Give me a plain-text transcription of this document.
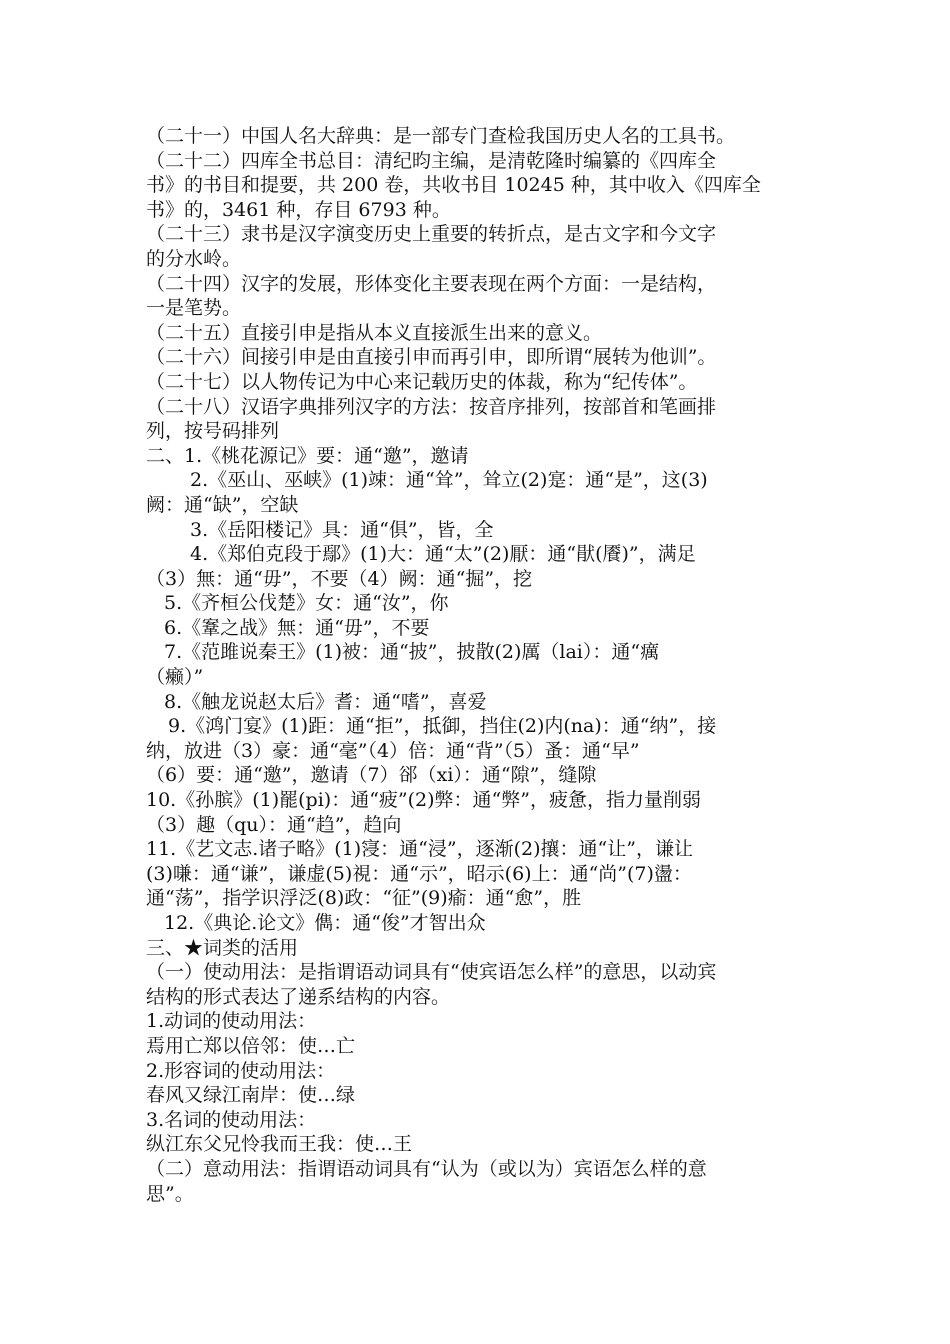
（二十一）中国人名大辞典：是一部专门查检我国历史人名的工具书。
（二十二）四库全书总目：清纪昀主编，是清乾隆时编纂的《四库全
书》的书目和提要，共 200 卷，共收书目 10245 种，其中收入《四库全
书》的，3461 种，存目 6793 种。
（二十三）隶书是汉字演变历史上重要的转折点，是古文字和今文字
的分水岭。
（二十四）汉字的发展，形体变化主要表现在两个方面：一是结构，
一是笔势。
（二十五）直接引申是指从本义直接派生出来的意义。
（二十六）间接引申是由直接引申而再引申，即所谓“展转为他训”。
（二十七）以人物传记为中心来记载历史的体裁，称为“纪传体”。
（二十八）汉语字典排列汉字的方法：按音序排列，按部首和笔画排
列，按号码排列
二、1.《桃花源记》要：通“邀”，邀请
2.《巫山、巫峡》(1)竦：通“耸”，耸立(2)寔：通“是”，这(3)
阙：通“缺”，空缺
3.《岳阳楼记》具：通“俱”，皆，全
4.《郑伯克段于鄢》(1)大：通“太”(2)厭：通“猒(餍)”，满足
（3）無：通“毋”，不要（4）阙：通“掘”，挖
5.《齐桓公伐楚》女：通“汝”，你
6.《鞌之战》無：通“毋”，不要
7.《范雎说秦王》(1)被：通“披”，披散(2)厲（lai）：通“癘
（癞）”
8.《触龙说赵太后》耆：通“嗜”，喜爱
9.《鸿门宴》(1)距：通“拒”，抵御，挡住(2)内(na)：通“纳”，接
纳，放进（3）豪：通“毫”（4）倍：通“背”（5）蚤：通“早”
（6）要：通“邀”，邀请（7）郤（xi）：通“隙”，缝隙
10.《孙膑》(1)罷(pi)：通“疲”(2)弊：通“弊”，疲惫，指力量削弱
（3）趣（qu）：通“趋”，趋向
11.《艺文志.诸子略》(1)寖：通“浸”，逐渐(2)攘：通“让”，谦让
(3)嗛：通“谦”，谦虚(5)視：通“示”，昭示(6)上：通“尚”(7)盪：
通“荡”，指学识浮泛(8)政：“征”(9)瘉：通“愈”，胜
12.《典论.论文》儁：通“俊”才智出众
三、★词类的活用
（一）使动用法：是指谓语动词具有“使宾语怎么样”的意思，以动宾
结构的形式表达了递系结构的内容。
1.动词的使动用法：
焉用亡郑以倍邻：使…亡
2.形容词的使动用法：
春风又绿江南岸：使…绿
3.名词的使动用法：
纵江东父兄怜我而王我：使…王
（二）意动用法：指谓语动词具有“认为（或以为）宾语怎么样的意
思”。
